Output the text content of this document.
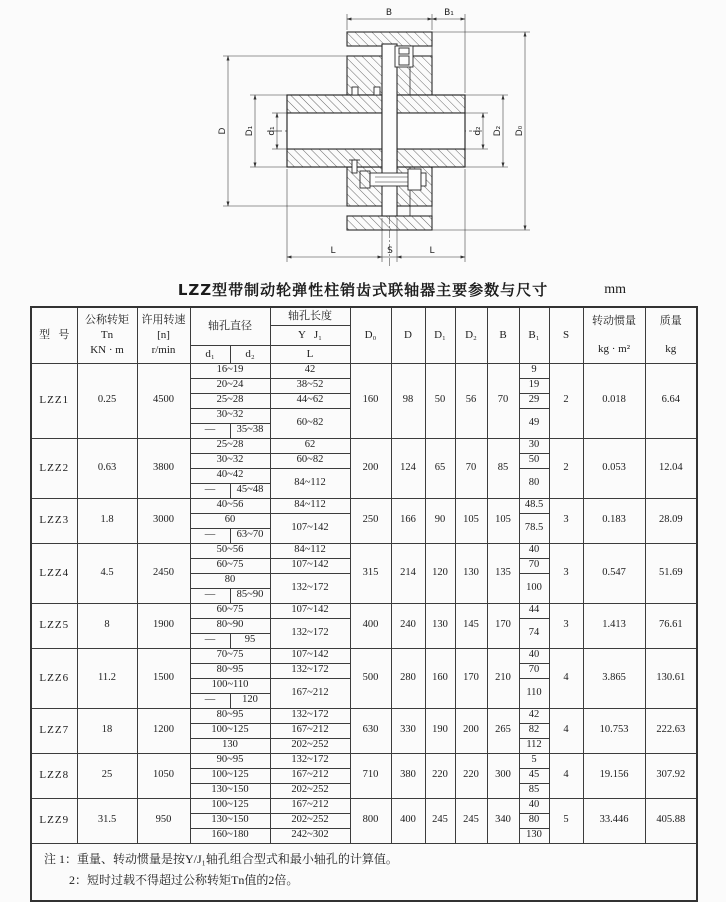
B	B₁
D D₁ d₁	d₂ D₂ D₀
L	S	L
LZZ型带制动轮弹性柱销齿式联轴器主要参数与尺寸	mm
型   号	
公称转矩
Tn
KN · m

许用转速
[n]
r/min
	轴孔直径	轴孔长度	D₀	D	D₁	D₂	B	B₁	S	
转动惯量
kg · m²

质量
kg

					Y   J₁									
			d₁	d₂	L									
LZZ1	0.25	4500	16~19		42	160	98	50	56	70	9	2	0.018	6.64
			20~24		38~52						19			
			25~28		44~62						29			
			30~32		60~82						49			
			—	35~38										
LZZ2	0.63	3800	25~28		62	200	124	65	70	85	30	2	0.053	12.04
			30~32		60~82						50			
			40~42		84~112						80			
			—	45~48										
LZZ3	1.8	3000	40~56		84~112	250	166	90	105	105	48.5	3	0.183	28.09
			60		107~142						78.5			
			—	63~70										
LZZ4	4.5	2450	50~56		84~112	315	214	120	130	135	40	3	0.547	51.69
			60~75		107~142						70			
			80		132~172						100			
			—	85~90										
LZZ5	8	1900	60~75		107~142	400	240	130	145	170	44	3	1.413	76.61
			80~90		132~172						74			
			—	95										
LZZ6	11.2	1500	70~75		107~142	500	280	160	170	210	40	4	3.865	130.61
			80~95		132~172						70			
			100~110		167~212						110			
			—	120										
LZZ7	18	1200	80~95		132~172	630	330	190	200	265	42	4	10.753	222.63
			100~125		167~212						82			
			130		202~252						112			
LZZ8	25	1050	90~95		132~172	710	380	220	220	300	5	4	19.156	307.92
			100~125		167~212						45			
			130~150		202~252						85			
LZZ9	31.5	950	100~125		167~212	800	400	245	245	340	40	5	33.446	405.88
			130~150		202~252						80			
			160~180		242~302						130			

注 1：重量、转动惯量是按Y/J₁轴孔组合型式和最小轴孔的计算值。
2：短时过载不得超过公称转矩Tn值的2倍。														
